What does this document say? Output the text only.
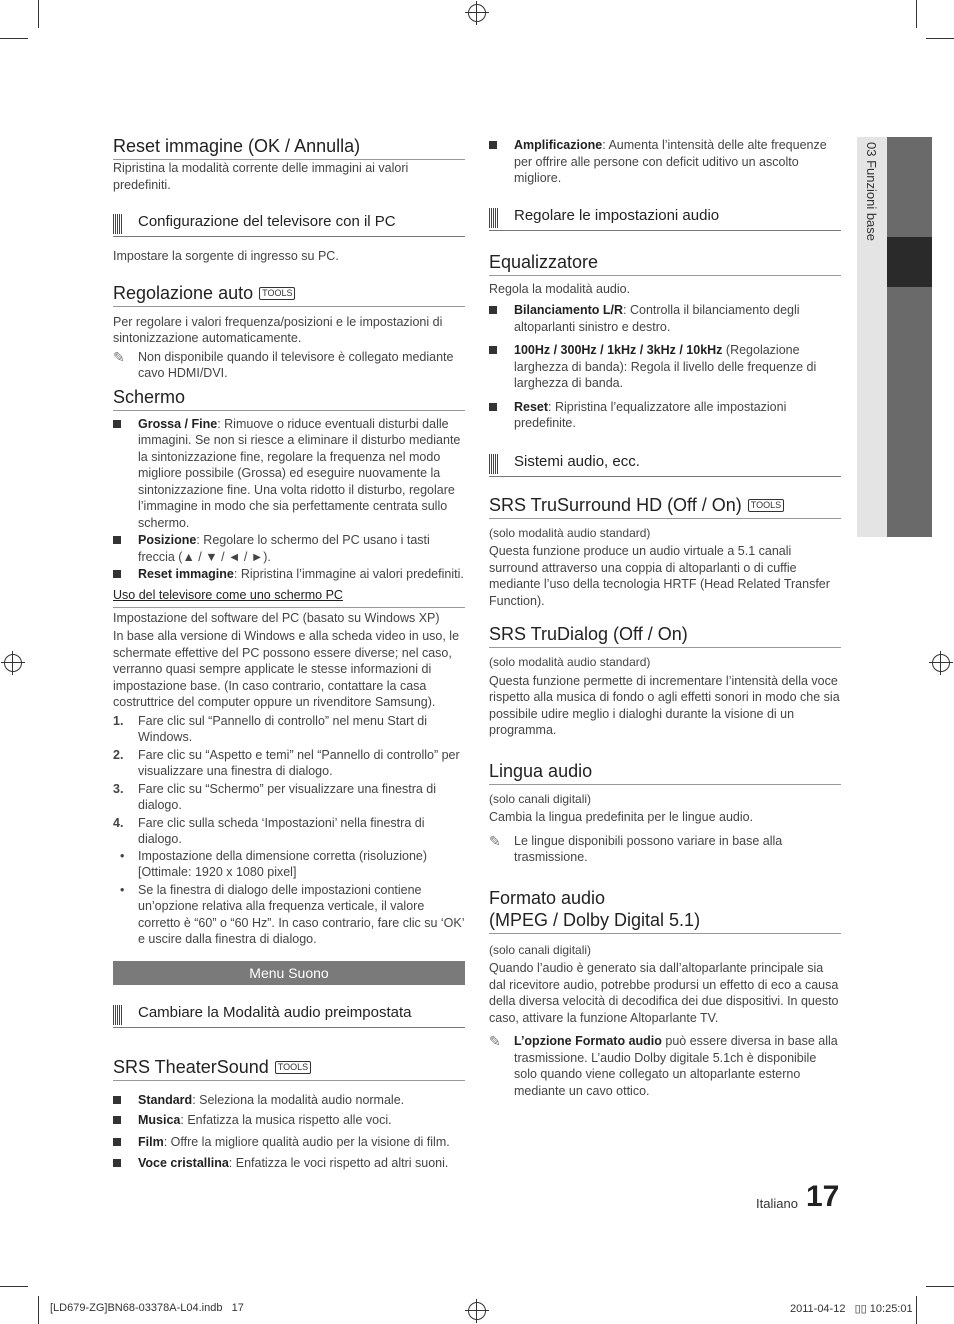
03 Funzioni base
Reset immagine (OK / Annulla)

Ripristina la modalità corrente delle immagini ai valori predefiniti.

Configurazione del televisore con il PC

Impostare la sorgente di ingresso su PC.

Regolazione auto TOOLS

Per regolare i valori frequenza/posizioni e le impostazioni di sintonizzazione automaticamente.

✎ Non disponibile quando il televisore è collegato mediante cavo HDMI/DVI.

Schermo

Grossa / Fine: Rimuove o riduce eventuali disturbi dalle immagini. Se non si riesce a eliminare il disturbo mediante la sintonizzazione fine, regolare la frequenza nel modo migliore possibile (Grossa) ed eseguire nuovamente la sintonizzazione fine. Una volta ridotto il disturbo, regolare l’immagine in modo che sia perfettamente centrata sullo schermo.

Posizione: Regolare lo schermo del PC usano i tasti freccia (▲ / ▼ / ◄ / ►).

Reset immagine: Ripristina l’immagine ai valori predefiniti.

Uso del televisore come uno schermo PC

Impostazione del software del PC (basato su Windows XP)

In base alla versione di Windows e alla scheda video in uso, le schermate effettive del PC possono essere diverse; nel caso, verranno quasi sempre applicate le stesse informazioni di impostazione base. (In caso contrario, contattare la casa costruttrice del computer oppure un rivenditore Samsung).

1. Fare clic sul “Pannello di controllo” nel menu Start di Windows.

2. Fare clic su “Aspetto e temi” nel “Pannello di controllo” per visualizzare una finestra di dialogo.

3. Fare clic su “Schermo” per visualizzare una finestra di dialogo.

4. Fare clic sulla scheda ‘Impostazioni’ nella finestra di dialogo.

• Impostazione della dimensione corretta (risoluzione) [Ottimale: 1920 x 1080 pixel]

• Se la finestra di dialogo delle impostazioni contiene un’opzione relativa alla frequenza verticale, il valore corretto è “60” o “60 Hz”. In caso contrario, fare clic su ‘OK’ e uscire dalla finestra di dialogo.

Menu Suono
Cambiare la Modalità audio preimpostata
SRS TheaterSound TOOLS

Standard: Seleziona la modalità audio normale.

Musica: Enfatizza la musica rispetto alle voci.

Film: Offre la migliore qualità audio per la visione di film.

Voce cristallina: Enfatizza le voci rispetto ad altri suoni.

Amplificazione: Aumenta l’intensità delle alte frequenze per offrire alle persone con deficit uditivo un ascolto migliore.

Regolare le impostazioni audio
Equalizzatore

Regola la modalità audio.

Bilanciamento L/R: Controlla il bilanciamento degli altoparlanti sinistro e destro.

100Hz / 300Hz / 1kHz / 3kHz / 10kHz (Regolazione larghezza di banda): Regola il livello delle frequenze di larghezza di banda.

Reset: Ripristina l’equalizzatore alle impostazioni predefinite.

Sistemi audio, ecc.
SRS TruSurround HD (Off / On) TOOLS

(solo modalità audio standard)

Questa funzione produce un audio virtuale a 5.1 canali surround attraverso una coppia di altoparlanti o di cuffie mediante l’uso della tecnologia HRTF (Head Related Transfer Function).

SRS TruDialog (Off / On)

(solo modalità audio standard)

Questa funzione permette di incrementare l’intensità della voce rispetto alla musica di fondo o agli effetti sonori in modo che sia possibile udire meglio i dialoghi durante la visione di un programma.

Lingua audio

(solo canali digitali)

Cambia la lingua predefinita per le lingue audio.

✎ Le lingue disponibili possono variare in base alla trasmissione.

Formato audio
(MPEG / Dolby Digital 5.1)

(solo canali digitali)

Quando l’audio è generato sia dall’altoparlante principale sia dal ricevitore audio, potrebbe prodursi un effetto di eco a causa della diversa velocità di decodifica dei due dispositivi. In questo caso, attivare la funzione Altoparlante TV.

✎ L’opzione Formato audio può essere diversa in base alla trasmissione. L’audio Dolby digitale 5.1ch è disponibile solo quando viene collegato un altoparlante esterno mediante un cavo ottico.

Italiano 17
[LD679-ZG]BN68-03378A-L04.indb   17	2011-04-12   ▯▯ 10:25:01
